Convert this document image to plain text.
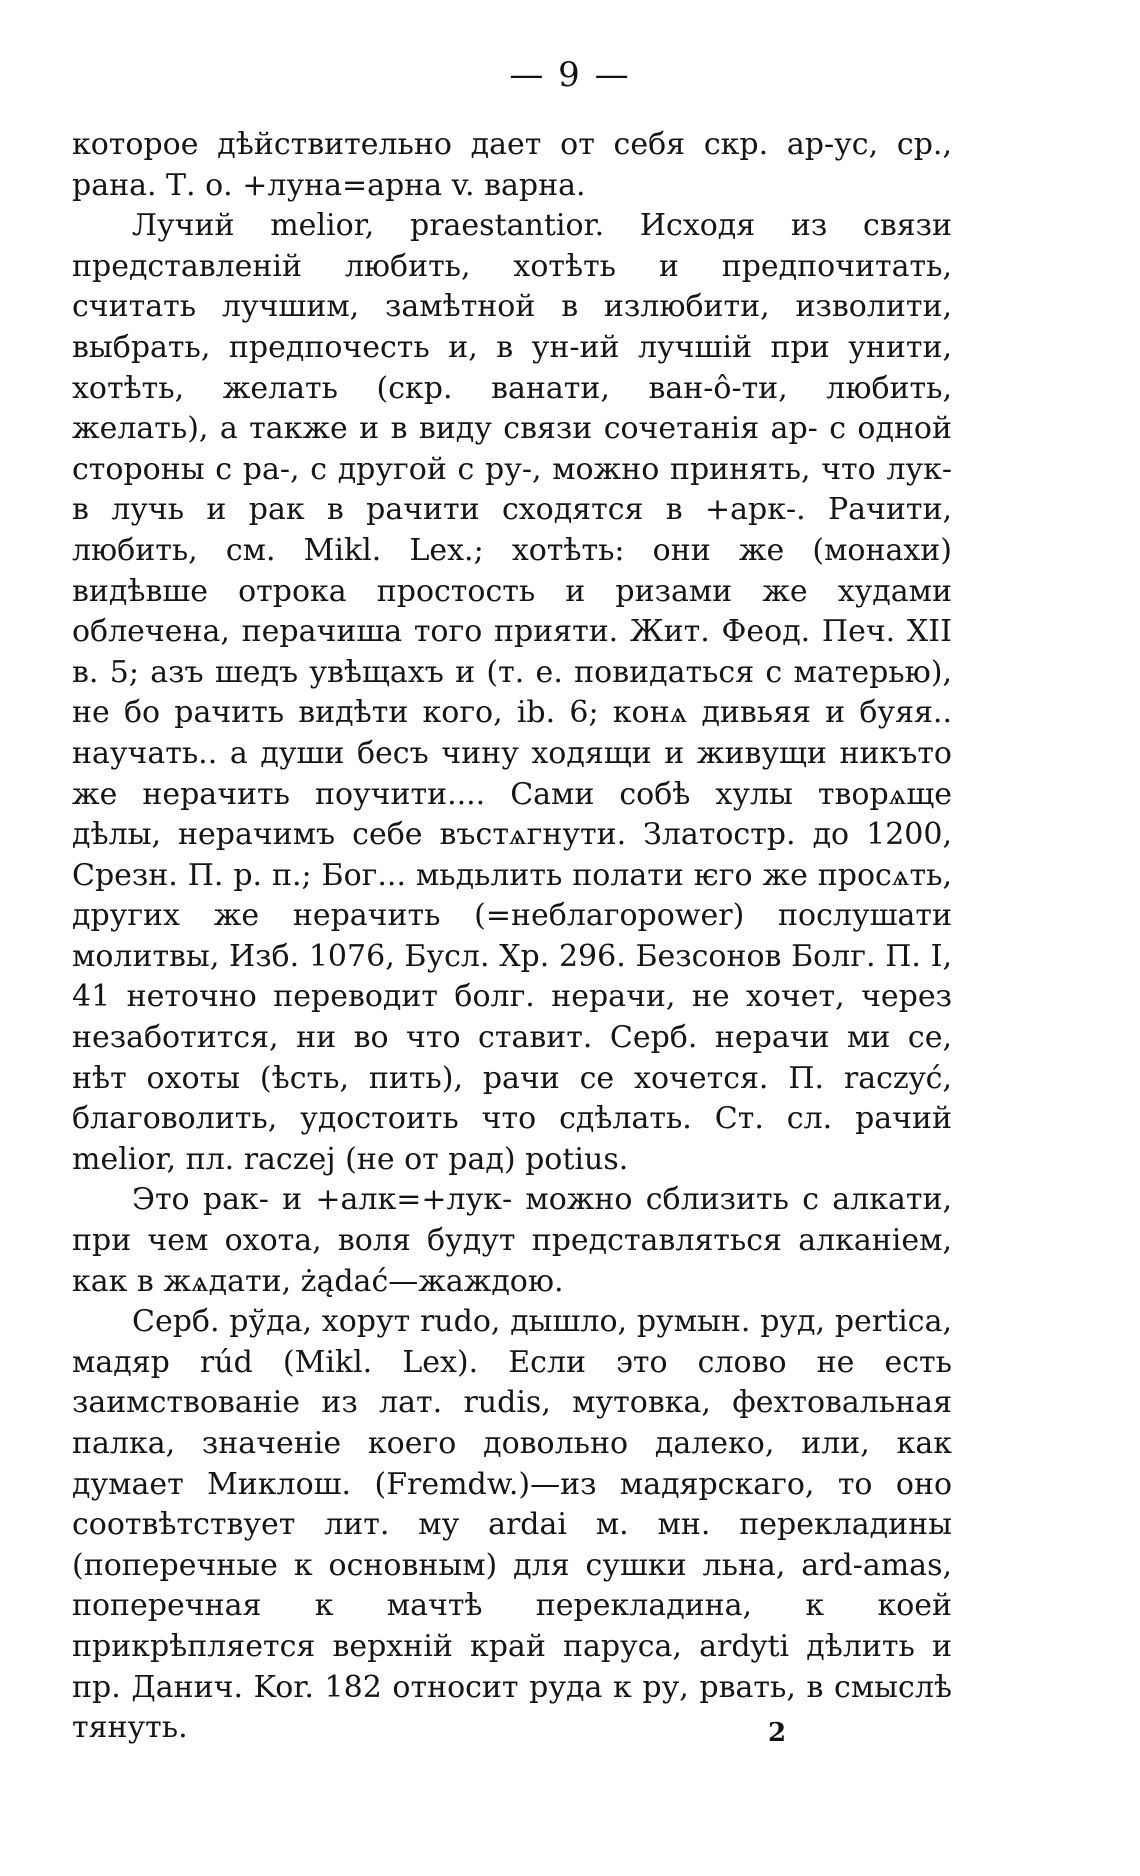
— 9 —

которое дѣйствительно дает от себя скр. ар-ус, ср., рана. Т. о. +луна=арна v. варна.

Лучий melior, praestantior. Исходя из связи представленій любить, хотѣть и предпочитать, считать лучшим, замѣтной в излюбити, изволити, выбрать, предпочесть и, в ун-ий лучшій при унити, хотѣть, желать (скр. ванати, ван-ô-ти, любить, желать), а также и в виду связи сочетанія ар- с одной стороны с ра-, с другой с ру-, можно принять, что лук- в лучь и рак в рачити сходятся в +арк-. Рачити, любить, см. Mikl. Lex.; хотѣть: они же (монахи) видѣвше отрока простость и ризами же худами облечена, перачиша того прияти. Жит. Феод. Печ. XII в. 5; азъ шедъ увѣщахъ и (т. е. повидаться с матерью), не бо рачить видѣти кого, ib. 6; конѧ дивьяя и буяя.. научать.. а души бесъ чину ходящи и живущи никъто же нерачить поучити.... Сами собѣ хулы творѧще дѣлы, нерачимъ себе въстѧгнути. Златостр. до 1200, Срезн. П. р. п.; Бог... мьдьлить полати ѥго же просѧть, других же нерачить (=неблагоpower) послушати молитвы, Изб. 1076, Бусл. Хр. 296. Безсонов Болг. П. I, 41 неточно переводит болг. нерачи, не хочет, через незаботится, ни во что ставит. Серб. нерачи ми се, нѣт охоты (ѣсть, пить), рачи се хочется. П. raczyć, благоволить, удостоить что сдѣлать. Ст. сл. рачий melior, пл. raczej (не от рад) potius.

Это рак- и +алк=+лук- можно сблизить с алкати, при чем охота, воля будут представляться алканіем, как в жѧдати, żądać—жаждою.

Серб. рўда, хорут rudo, дышло, румын. руд, pertica, мадяр rúd (Mikl. Lex). Если это слово не есть заимствованіе из лат. rudis, мутовка, фехтовальная палка, значеніе коего довольно далеко, или, как думает Миклош. (Fremdw.)—из мадярскаго, то оно соотвѣтствует лит. му ardai м. мн. перекладины (поперечные к основным) для сушки льна, ard-amas, поперечная к мачтѣ перекладина, к коей прикрѣпляется верхній край паруса, ardyti дѣлить и пр. Данич. Kor. 182 относит руда к ру, рвать, в смыслѣ тянуть.	2
